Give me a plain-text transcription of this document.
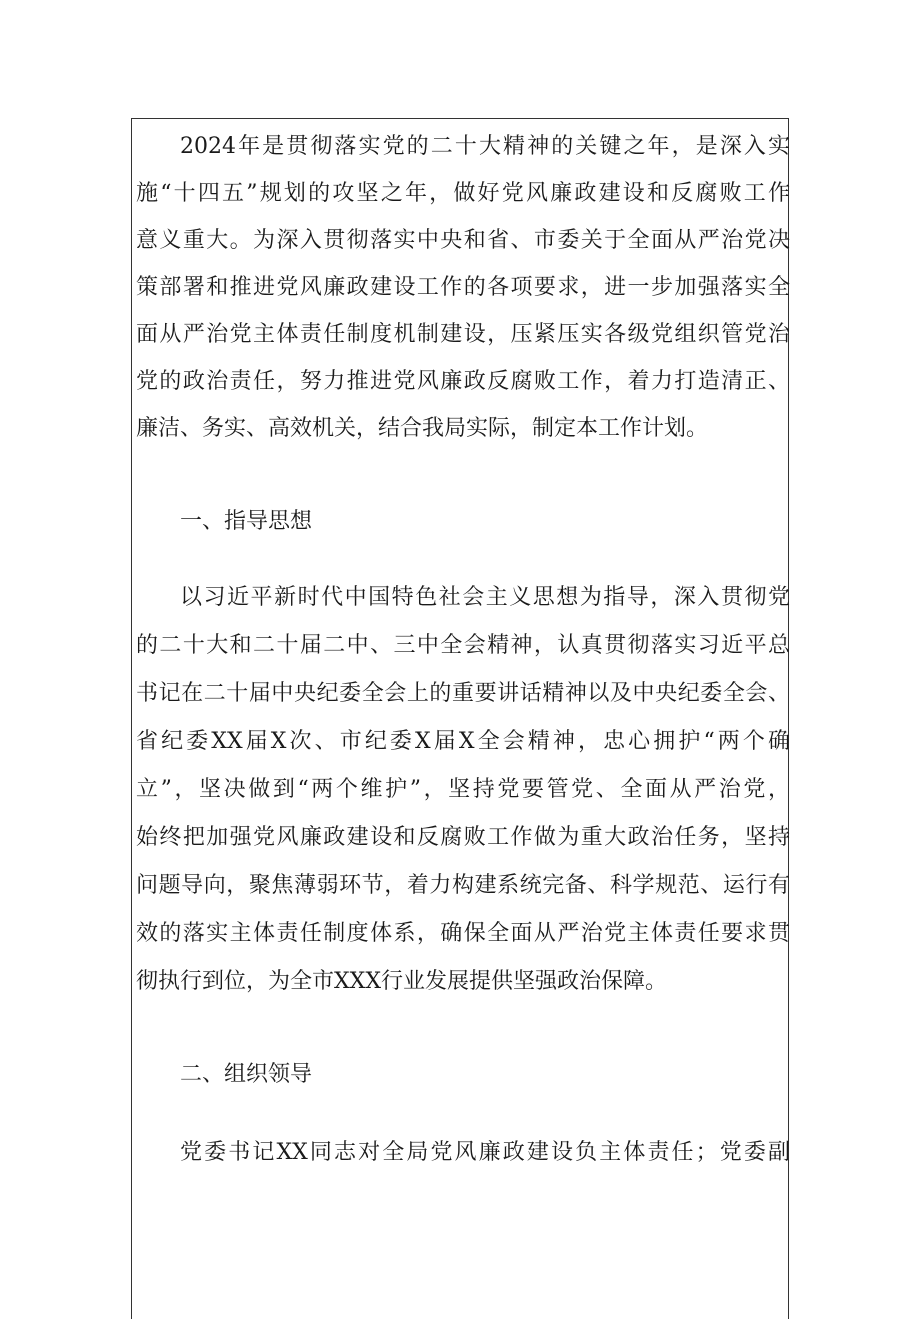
2024年是贯彻落实党的二十大精神的关键之年，是深入实
施“十四五”规划的攻坚之年，做好党风廉政建设和反腐败工作
意义重大。为深入贯彻落实中央和省、市委关于全面从严治党决
策部署和推进党风廉政建设工作的各项要求，进一步加强落实全
面从严治党主体责任制度机制建设，压紧压实各级党组织管党治
党的政治责任，努力推进党风廉政反腐败工作，着力打造清正、
廉洁、务实、高效机关，结合我局实际，制定本工作计划。
一、指导思想
以习近平新时代中国特色社会主义思想为指导，深入贯彻党
的二十大和二十届二中、三中全会精神，认真贯彻落实习近平总
书记在二十届中央纪委全会上的重要讲话精神以及中央纪委全会、
省纪委XX届X次、市纪委X届X全会精神，忠心拥护“两个确
立”，坚决做到“两个维护”，坚持党要管党、全面从严治党，
始终把加强党风廉政建设和反腐败工作做为重大政治任务，坚持
问题导向，聚焦薄弱环节，着力构建系统完备、科学规范、运行有
效的落实主体责任制度体系，确保全面从严治党主体责任要求贯
彻执行到位，为全市XXX行业发展提供坚强政治保障。
二、组织领导
党委书记XX同志对全局党风廉政建设负主体责任；党委副
